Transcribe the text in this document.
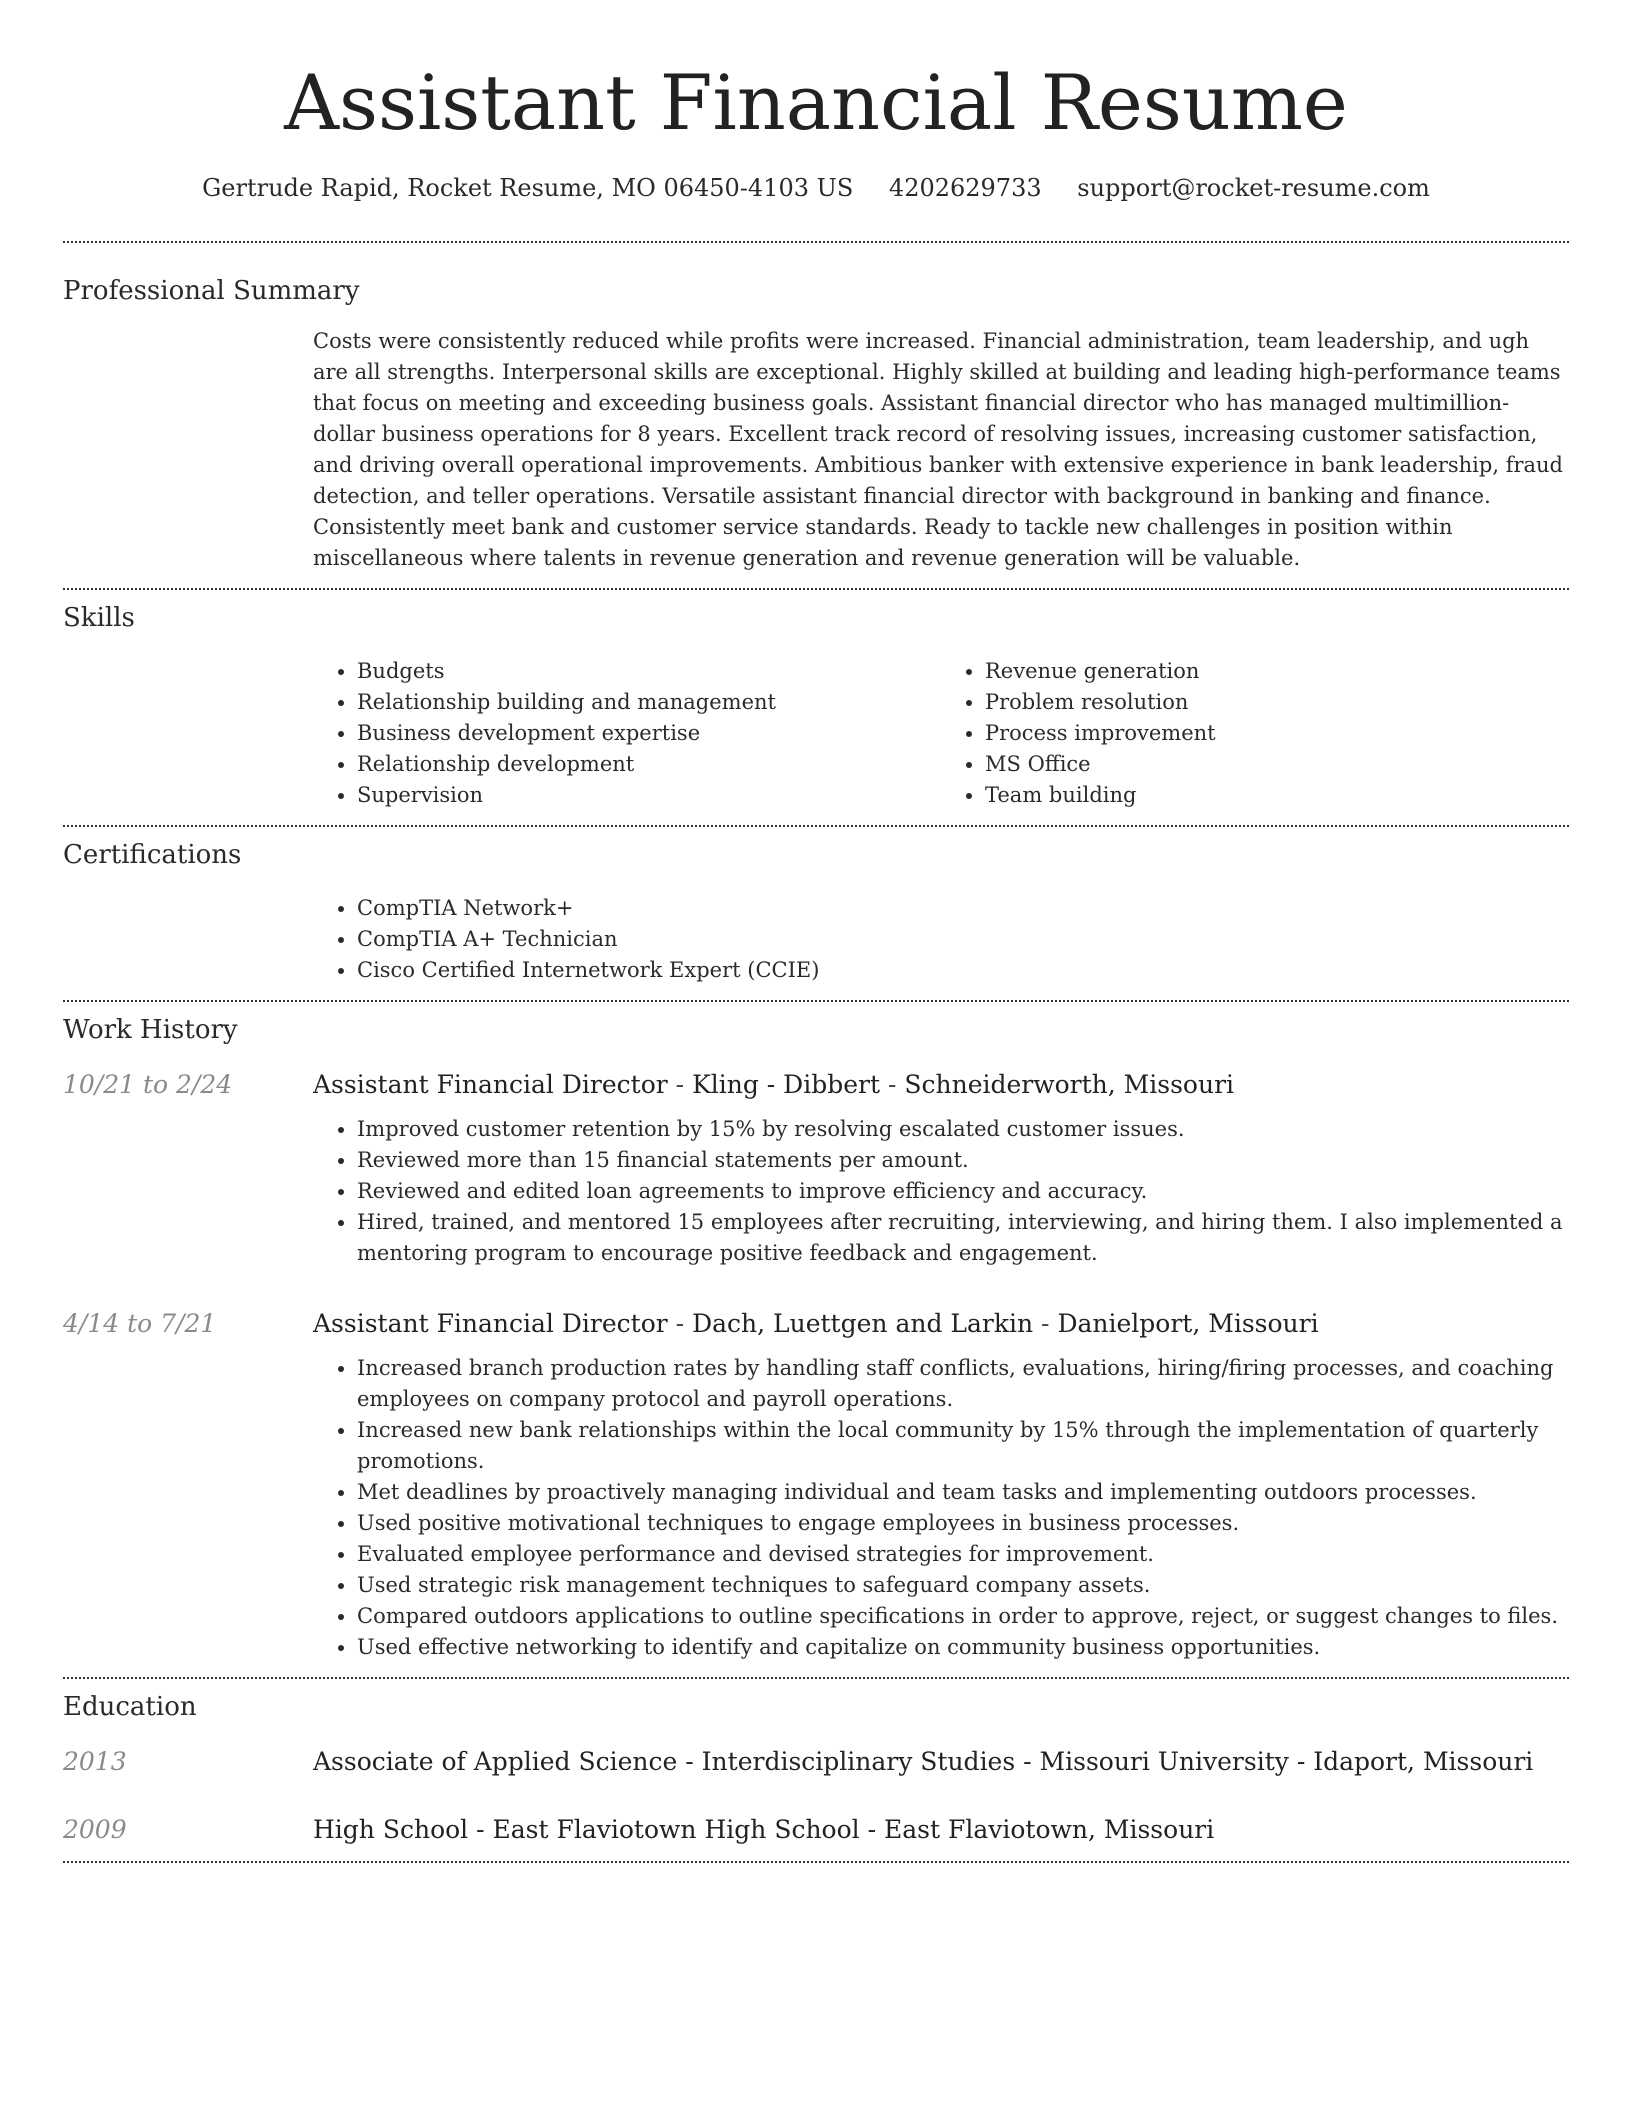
Assistant Financial Resume
Gertrude Rapid, Rocket Resume, MO 06450-4103 US 4202629733 support@rocket-resume.com
Professional Summary

Costs were consistently reduced while profits were increased. Financial administration, team leadership, and ugh are all strengths. Interpersonal skills are exceptional. Highly skilled at building and leading high-performance teams that focus on meeting and exceeding business goals. Assistant financial director who has managed multimillion-dollar business operations for 8 years. Excellent track record of resolving issues, increasing customer satisfaction, and driving overall operational improvements. Ambitious banker with extensive experience in bank leadership, fraud detection, and teller operations. Versatile assistant financial director with background in banking and finance. Consistently meet bank and customer service standards. Ready to tackle new challenges in position within miscellaneous where talents in revenue generation and revenue generation will be valuable.

Skills
• Budgets
• Relationship building and management
• Business development expertise
• Relationship development
• Supervision
• Revenue generation
• Problem resolution
• Process improvement
• MS Office
• Team building
Certifications
• CompTIA Network+
• CompTIA A+ Technician
• Cisco Certified Internetwork Expert (CCIE)
Work History
10/21 to 2/24	Assistant Financial Director - Kling - Dibbert - Schneiderworth, Missouri
• Improved customer retention by 15% by resolving escalated customer issues.
• Reviewed more than 15 financial statements per amount.
• Reviewed and edited loan agreements to improve efficiency and accuracy.
• Hired, trained, and mentored 15 employees after recruiting, interviewing, and hiring them. I also implemented a mentoring program to encourage positive feedback and engagement.
4/14 to 7/21	Assistant Financial Director - Dach, Luettgen and Larkin - Danielport, Missouri
• Increased branch production rates by handling staff conflicts, evaluations, hiring/firing processes, and coaching employees on company protocol and payroll operations.
• Increased new bank relationships within the local community by 15% through the implementation of quarterly promotions.
• Met deadlines by proactively managing individual and team tasks and implementing outdoors processes.
• Used positive motivational techniques to engage employees in business processes.
• Evaluated employee performance and devised strategies for improvement.
• Used strategic risk management techniques to safeguard company assets.
• Compared outdoors applications to outline specifications in order to approve, reject, or suggest changes to files.
• Used effective networking to identify and capitalize on community business opportunities.
Education
2013	Associate of Applied Science - Interdisciplinary Studies - Missouri University - Idaport, Missouri
2009	High School - East Flaviotown High School - East Flaviotown, Missouri
